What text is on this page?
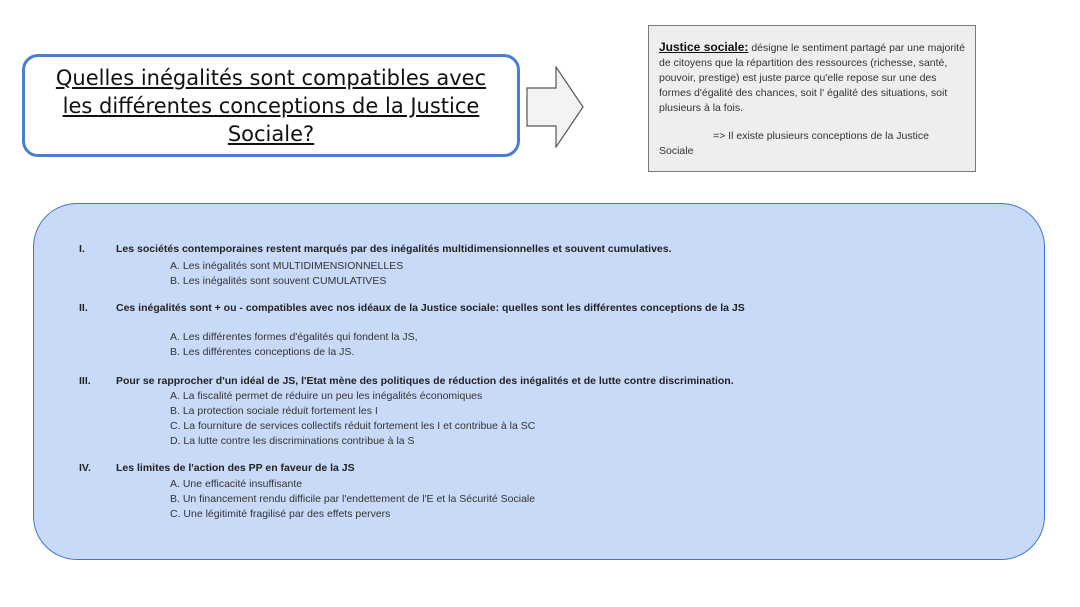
Quelles inégalités sont compatibles avec
les différentes conceptions de la Justice
Sociale?
Justice sociale: désigne le sentiment partagé par une majorité de citoyens que la répartition des ressources (richesse, santé, pouvoir, prestige) est juste parce qu'elle repose sur une des formes d'égalité des chances, soit l' égalité des situations, soit plusieurs à la fois.
=> Il existe plusieurs conceptions de la Justice Sociale
I.	Les sociétés contemporaines restent marqués par des inégalités multidimensionnelles et souvent cumulatives.
A. Les inégalités sont MULTIDIMENSIONNELLES
B. Les inégalités sont souvent CUMULATIVES
II.	Ces inégalités sont + ou - compatibles avec nos idéaux de la Justice sociale: quelles sont les différentes conceptions de la JS
A. Les différentes formes d'égalités qui fondent la JS,
B. Les différentes conceptions de la JS.
III. Pour se rapprocher d'un idéal de JS, l'Etat mène des politiques de réduction des inégalités et de lutte contre discrimination.
A. La fiscalité permet de réduire un peu les inégalités économiques
B. La protection sociale réduit fortement les I
C. La fourniture de services collectifs réduit fortement les I et contribue à la SC
D. La lutte contre les discriminations contribue à la S
IV. Les limites de l'action des PP en faveur de la JS
A. Une efficacité insuffisante
B. Un financement rendu difficile par l'endettement de l'E et la Sécurité Sociale
C. Une légitimité fragilisé par des effets pervers
